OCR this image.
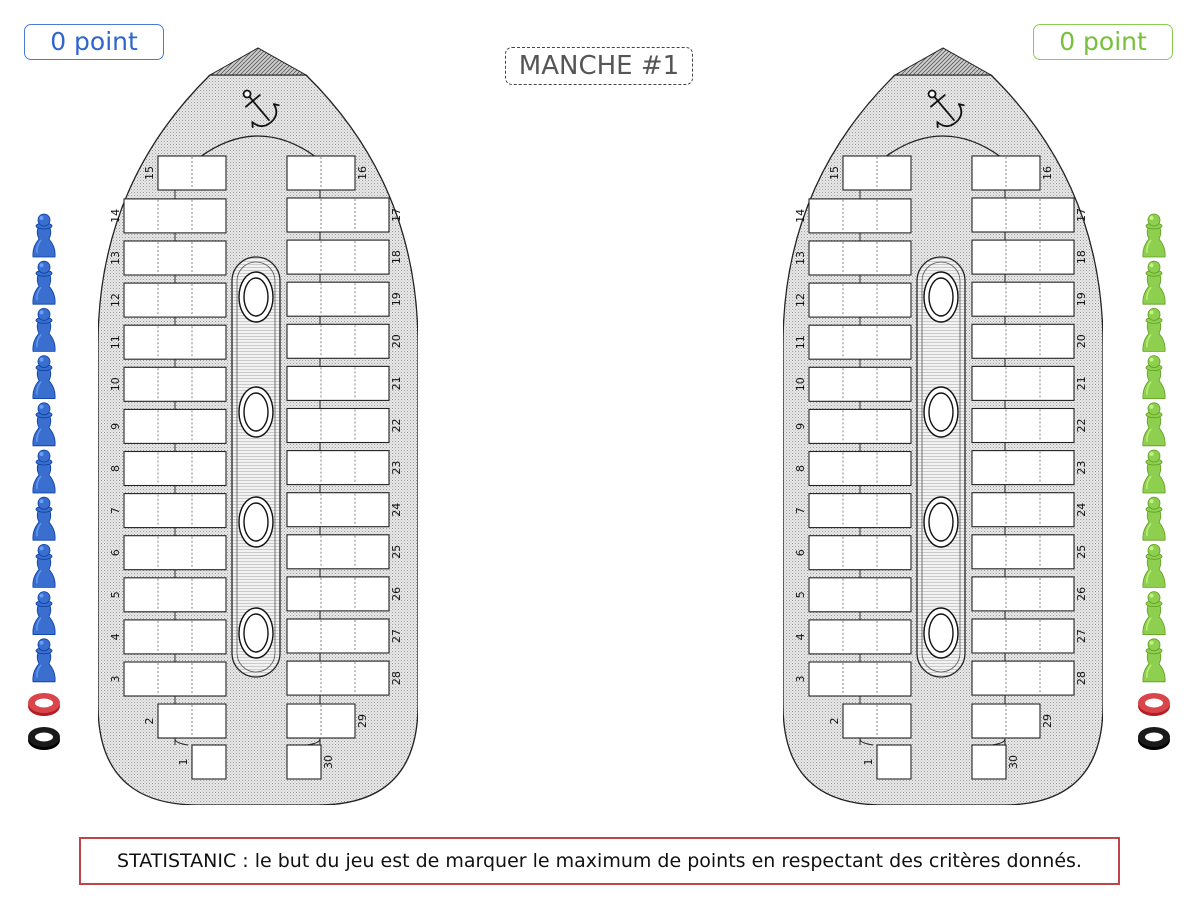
0 point
MANCHE #1
0 point
1
2
3
4
5
6
7
8
9
10
11
12
13
14
15	16
17
18
19
20
21
22
23
24
25
26
27
28
29
30	1
2
3
4
5
6
7
8
9
10
11
12
13
14
15	16
17
18
19
20
21
22
23
24
25
26
27
28
29
30
STATISTANIC : le but du jeu est de marquer le maximum de points en respectant des critères donnés.
